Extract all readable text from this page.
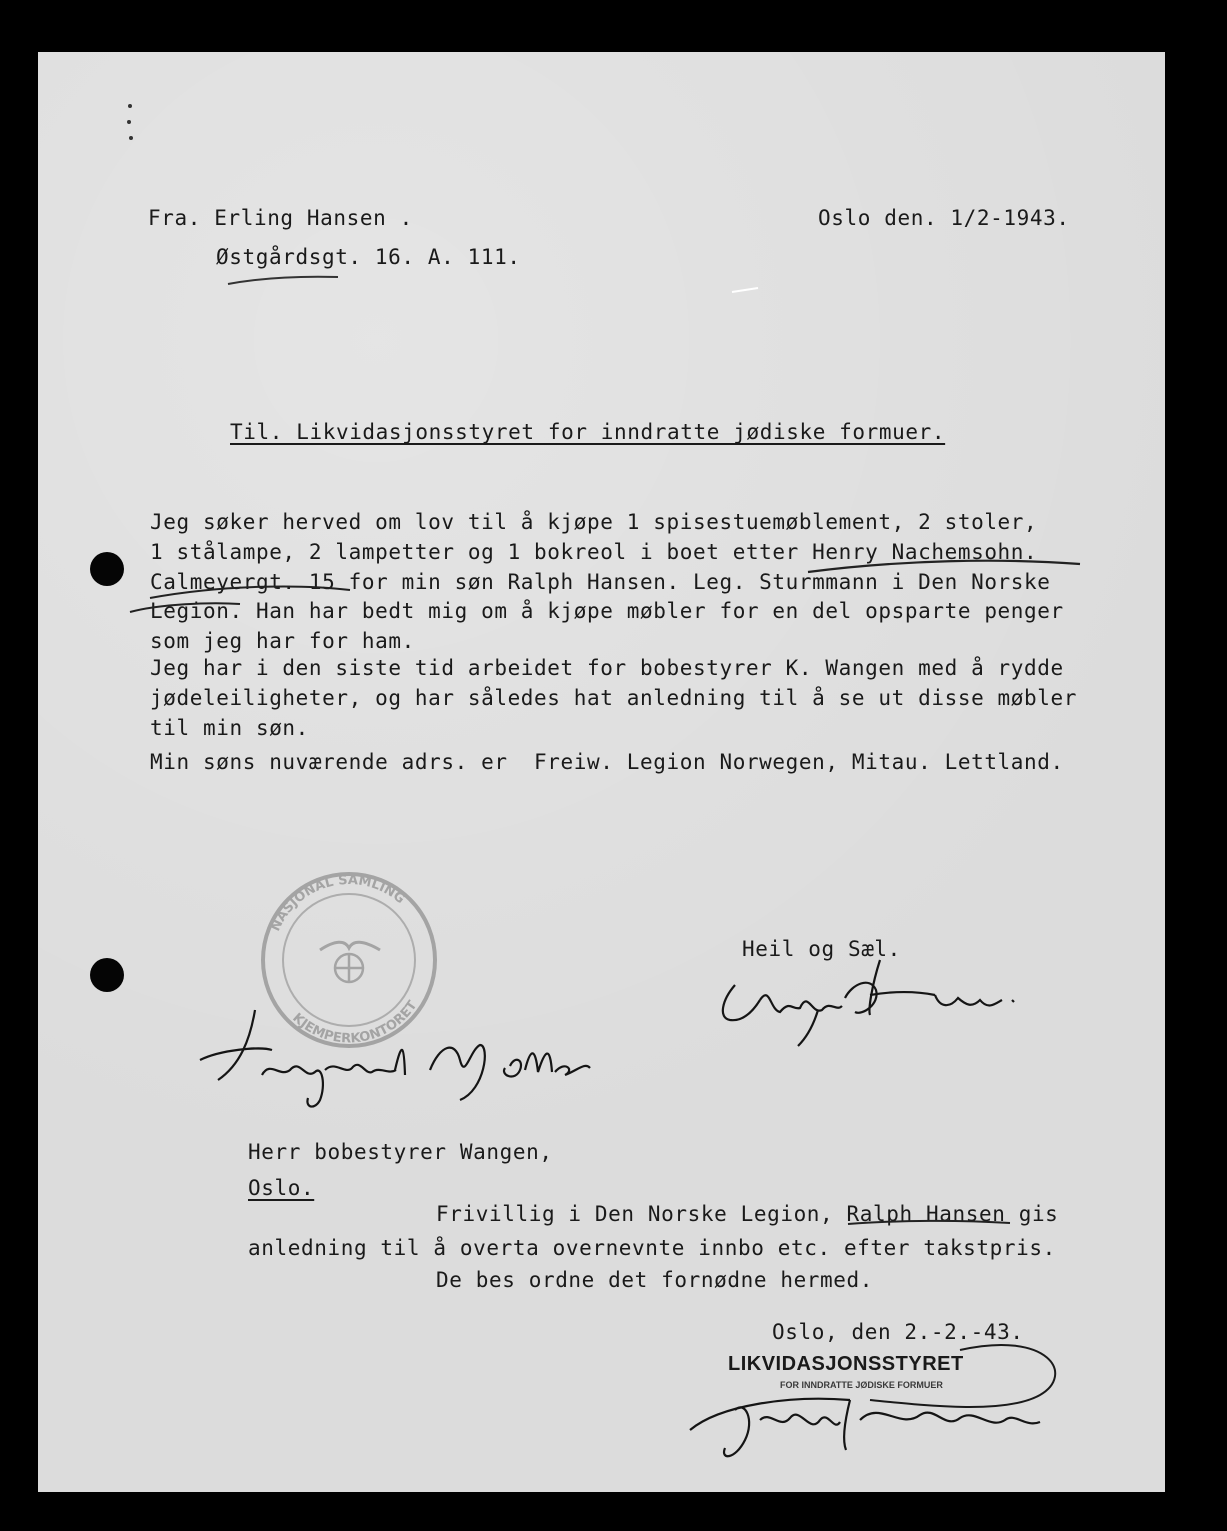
Fra. Erling Hansen .
Østgårdsgt. 16. A. 111.
Oslo den. 1/2-1943.
Til. Likvidasjonsstyret for inndratte jødiske formuer.
Jeg søker herved om lov til å kjøpe 1 spisestuemøblement, 2 stoler,
1 stålampe, 2 lampetter og 1 bokreol i boet etter Henry Nachemsohn.
Calmeyergt. 15 for min søn Ralph Hansen. Leg. Sturmmann i Den Norske
Legion. Han har bedt mig om å kjøpe møbler for en del opsparte penger
som jeg har for ham.
Jeg har i den siste tid arbeidet for bobestyrer K. Wangen med å rydde
jødeleiligheter, og har således hat anledning til å se ut disse møbler
til min søn.
Min søns nuværende adrs. er  Freiw. Legion Norwegen, Mitau. Lettland.
Heil og Sæl.
Herr bobestyrer Wangen,
Oslo.
Frivillig i Den Norske Legion, Ralph Hansen gis
anledning til å overta overnevnte innbo etc. efter takstpris.
De bes ordne det fornødne hermed.
Oslo, den 2.-2.-43.
NASJONAL SAMLING
KJEMPERKONTORET
LIKVIDASJONSSTYRET
FOR INNDRATTE JØDISKE FORMUER
